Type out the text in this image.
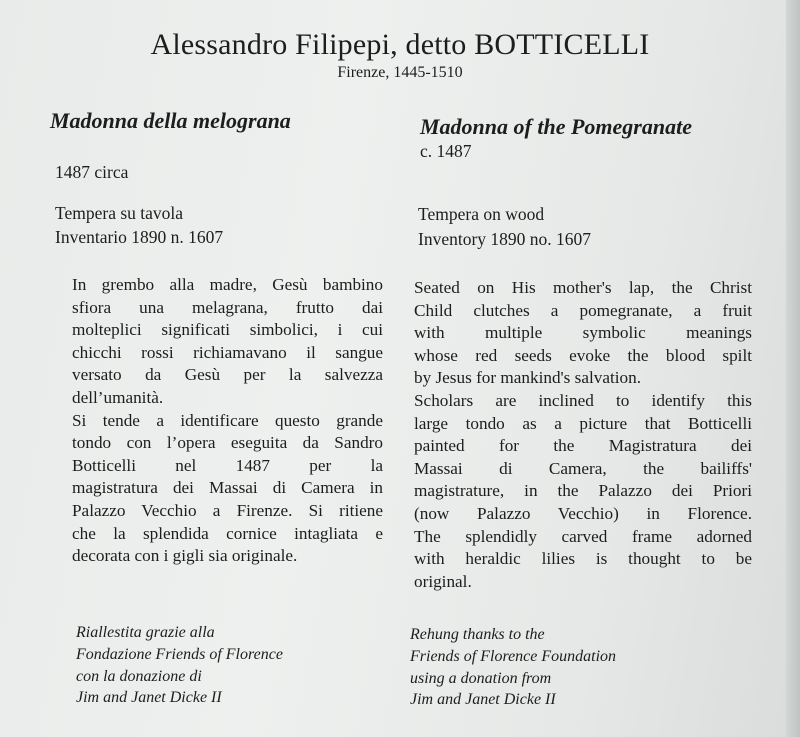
Alessandro Filipepi, detto BOTTICELLI
Firenze, 1445-1510
Madonna della melograna
1487 circa
Tempera su tavola
Inventario 1890 n. 1607
In grembo alla madre, Gesù bambino
sfiora una melagrana, frutto dai
molteplici significati simbolici, i cui
chicchi rossi richiamavano il sangue
versato da Gesù per la salvezza
dell’umanità.
Si tende a identificare questo grande
tondo con l’opera eseguita da Sandro
Botticelli nel 1487 per la
magistratura dei Massai di Camera in
Palazzo Vecchio a Firenze. Si ritiene
che la splendida cornice intagliata e
decorata con i gigli sia originale.
Riallestita grazie alla
Fondazione Friends of Florence
con la donazione di
Jim and Janet Dicke II
Madonna of the Pomegranate
c. 1487
Tempera on wood
Inventory 1890 no. 1607
Seated on His mother's lap, the Christ
Child clutches a pomegranate, a fruit
with multiple symbolic meanings
whose red seeds evoke the blood spilt
by Jesus for mankind's salvation.
Scholars are inclined to identify this
large tondo as a picture that Botticelli
painted for the Magistratura dei
Massai di Camera, the bailiffs'
magistrature, in the Palazzo dei Priori
(now Palazzo Vecchio) in Florence.
The splendidly carved frame adorned
with heraldic lilies is thought to be
original.
Rehung thanks to the
Friends of Florence Foundation
using a donation from
Jim and Janet Dicke II
